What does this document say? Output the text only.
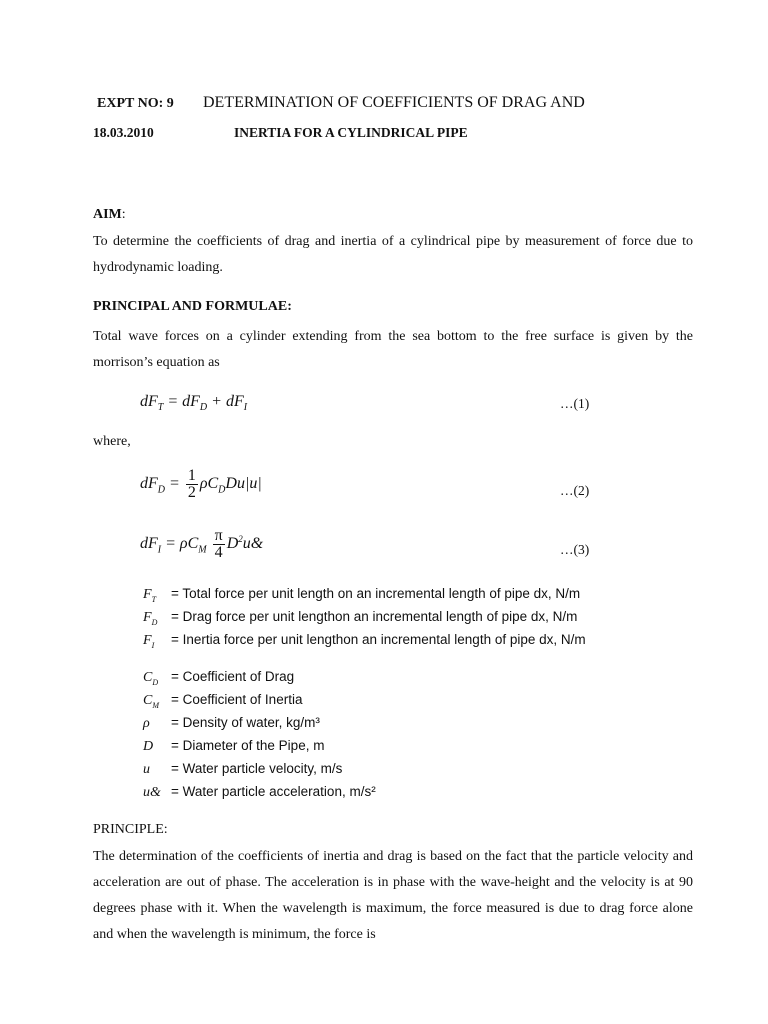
EXPT NO: 9 DETERMINATION OF COEFFICIENTS OF DRAG AND
18.03.2010	INERTIA FOR A CYLINDRICAL PIPE
AIM:
To determine the coefficients of drag and inertia of a cylindrical pipe by measurement of force due to hydrodynamic loading.
PRINCIPAL AND FORMULAE:
Total wave forces on a cylinder extending from the sea bottom to the free surface is given by the morrison’s equation as
$dF_T = dF_D + dF_I$	…(1)
where,
$dF_D = \frac{1}{2} \rho C_DDu|u|$	…(2)
$dF_I = \rho C_M \frac{\pi}{4}$ $D^2u\&$	…(3)
$F_T$ = Total force per unit length on an incremental length of pipe dx, N/m
$F_D$ = Drag force per unit lengthon an incremental length of pipe dx, N/m
$F_I$ = Inertia force per unit lengthon an incremental length of pipe dx, N/m
$C_D$ = Coefficient of Drag
$C_M$ = Coefficient of Inertia
ρ = Density of water, kg/m³
D = Diameter of the Pipe, m
u = Water particle velocity, m/s
u& = Water particle acceleration, m/s²
PRINCIPLE:
The determination of the coefficients of inertia and drag is based on the fact that the particle velocity and acceleration are out of phase. The acceleration is in phase with the wave-height and the velocity is at 90 degrees phase with it. When the wavelength is maximum, the force measured is due to drag force alone and when the wavelength is minimum, the force is
